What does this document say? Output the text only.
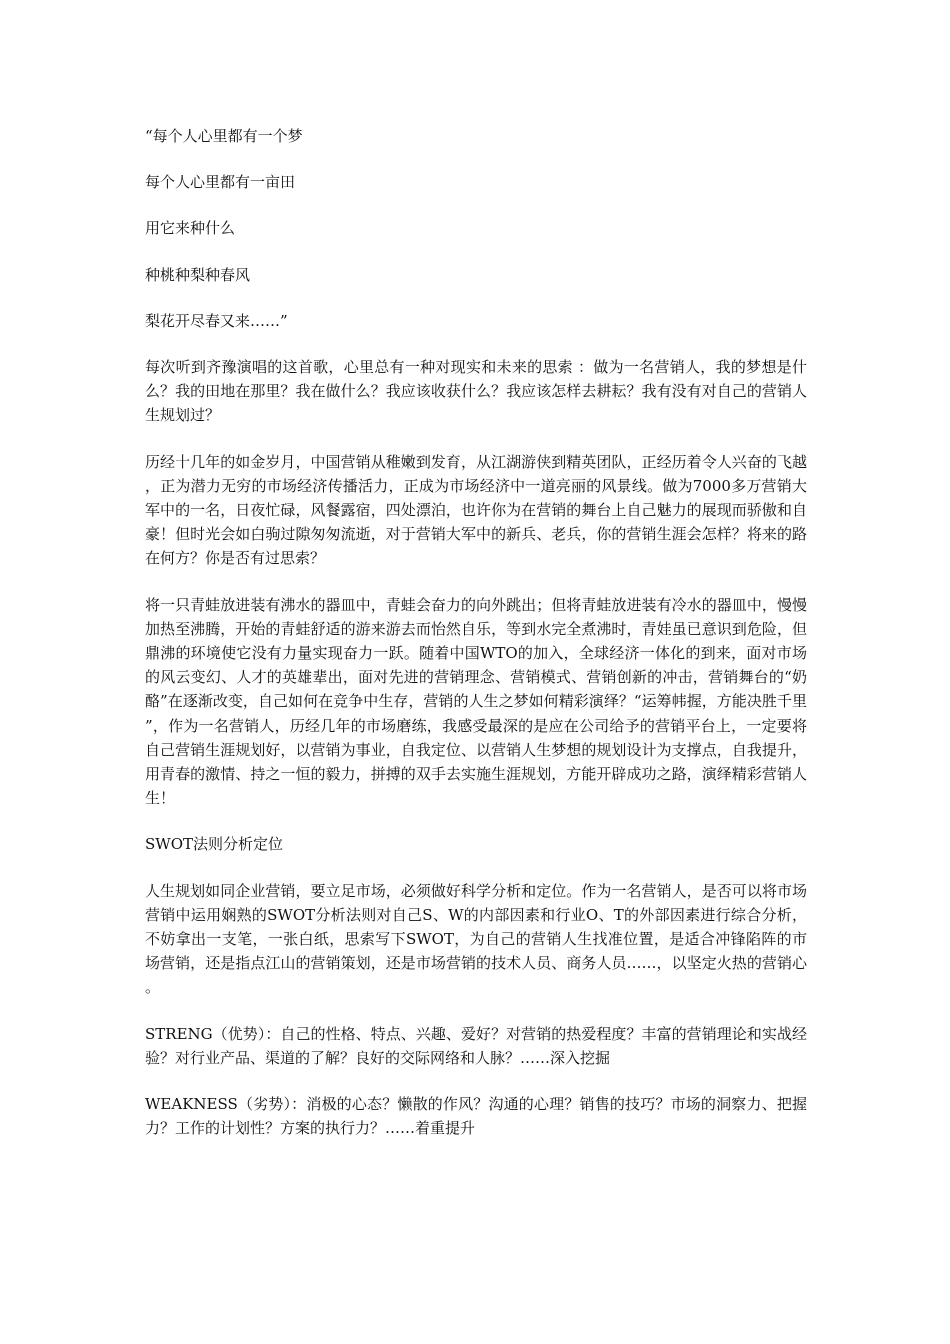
“每个人心里都有一个梦

每个人心里都有一亩田

用它来种什么

种桃种梨种春风

梨花开尽春又来……”

每次听到齐豫演唱的这首歌，心里总有一种对现实和未来的思索 ：做为一名营销人，我的梦想是什么？我的田地在那里？我在做什么？我应该收获什么？我应该怎样去耕耘？我有没有对自己的营销人生规划过？

历经十几年的如金岁月，中国营销从稚嫩到发育，从江湖游侠到精英团队，正经历着令人兴奋的飞越，正为潜力无穷的市场经济传播活力，正成为市场经济中一道亮丽的风景线。做为7000多万营销大军中的一名，日夜忙碌，风餐露宿，四处漂泊，也许你为在营销的舞台上自己魅力的展现而骄傲和自豪！但时光会如白驹过隙匆匆流逝，对于营销大军中的新兵、老兵，你的营销生涯会怎样？将来的路在何方？你是否有过思索？

将一只青蛙放进装有沸水的器皿中，青蛙会奋力的向外跳出；但将青蛙放进装有冷水的器皿中，慢慢加热至沸腾，开始的青蛙舒适的游来游去而怡然自乐，等到水完全煮沸时，青娃虽已意识到危险，但鼎沸的环境使它没有力量实现奋力一跃。随着中国WTO的加入，全球经济一体化的到来，面对市场的风云变幻、人才的英雄辈出，面对先进的营销理念、营销模式、营销创新的冲击，营销舞台的“奶酪”在逐渐改变，自己如何在竞争中生存，营销的人生之梦如何精彩演绎？“运筹帏握，方能决胜千里”，作为一名营销人，历经几年的市场磨练，我感受最深的是应在公司给予的营销平台上，一定要将自己营销生涯规划好，以营销为事业，自我定位、以营销人生梦想的规划设计为支撑点，自我提升，用青春的激情、持之一恒的毅力，拼搏的双手去实施生涯规划，方能开辟成功之路，演绎精彩营销人生！

SWOT法则分析定位

人生规划如同企业营销，要立足市场，必须做好科学分析和定位。作为一名营销人，是否可以将市场营销中运用娴熟的SWOT分析法则对自己S、W的内部因素和行业O、T的外部因素进行综合分析，不妨拿出一支笔，一张白纸，思索写下SWOT，为自己的营销人生找准位置，是适合冲锋陷阵的市场营销，还是指点江山的营销策划，还是市场营销的技术人员、商务人员……，以坚定火热的营销心。

STRENG（优势）：自己的性格、特点、兴趣、爱好？对营销的热爱程度？丰富的营销理论和实战经验？对行业产品、渠道的了解？良好的交际网络和人脉？……深入挖掘

WEAKNESS（劣势）：消极的心态？懒散的作风？沟通的心理？销售的技巧？市场的洞察力、把握力？工作的计划性？方案的执行力？……着重提升
